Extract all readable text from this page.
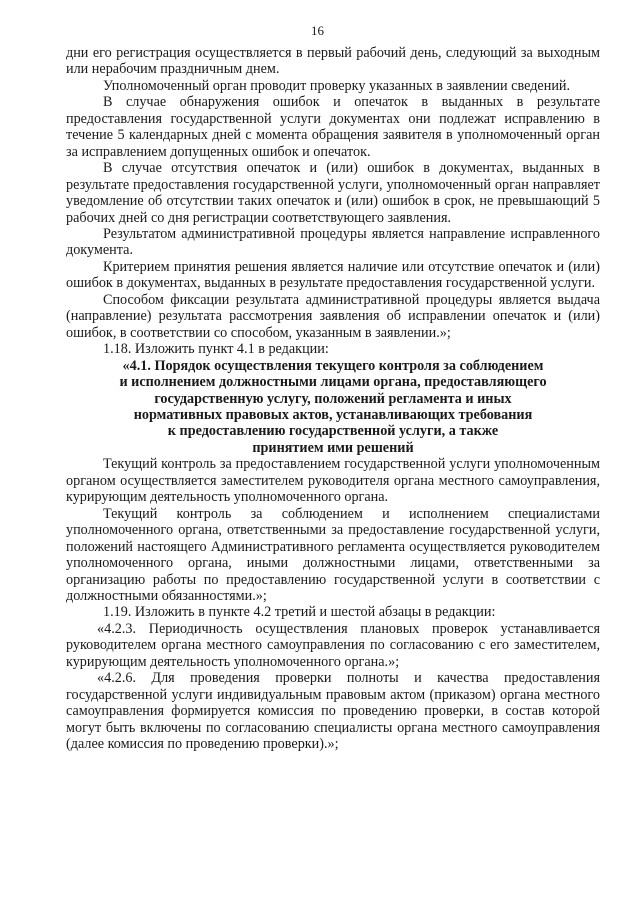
16

дни его регистрация осуществляется в первый рабочий день, следующий за выходным или нерабочим праздничным днем.

Уполномоченный орган проводит проверку указанных в заявлении сведений.

В случае обнаружения ошибок и опечаток в выданных в результате предоставления государственной услуги документах они подлежат исправлению в течение 5 календарных дней с момента обращения заявителя в уполномоченный орган за исправлением допущенных ошибок и опечаток.

В случае отсутствия опечаток и (или) ошибок в документах, выданных в результате предоставления государственной услуги, уполномоченный орган направляет уведомление об отсутствии таких опечаток и (или) ошибок в срок, не превышающий 5 рабочих дней со дня регистрации соответствующего заявления.

Результатом административной процедуры является направление исправленного документа.

Критерием принятия решения является наличие или отсутствие опечаток и (или) ошибок в документах, выданных в результате предоставления государственной услуги.

Способом фиксации результата административной процедуры является выдача (направление) результата рассмотрения заявления об исправлении опечаток и (или) ошибок, в соответствии со способом, указанным в заявлении.»;

1.18. Изложить пункт 4.1 в редакции:

«4.1. Порядок осуществления текущего контроля за соблюдением

и исполнением должностными лицами органа, предоставляющего

государственную услугу, положений регламента и иных

нормативных правовых актов, устанавливающих требования

к предоставлению государственной услуги, а также

принятием ими решений

Текущий контроль за предоставлением государственной услуги уполномоченным органом осуществляется заместителем руководителя органа местного самоуправления, курирующим деятельность уполномоченного органа.

Текущий контроль за соблюдением и исполнением специалистами уполномоченного органа, ответственными за предоставление государственной услуги, положений настоящего Административного регламента осуществляется руководителем уполномоченного органа, иными должностными лицами, ответственными за организацию работы по предоставлению государственной услуги в соответствии с должностными обязанностями.»;

1.19. Изложить в пункте 4.2 третий и шестой абзацы в редакции:

«4.2.3. Периодичность осуществления плановых проверок устанавливается руководителем органа местного самоуправления по согласованию с его заместителем, курирующим деятельность уполномоченного органа.»;

«4.2.6. Для проведения проверки полноты и качества предоставления государственной услуги индивидуальным правовым актом (приказом) органа местного самоуправления формируется комиссия по проведению проверки, в состав которой могут быть включены по согласованию специалисты органа местного самоуправления (далее комиссия по проведению проверки).»;
